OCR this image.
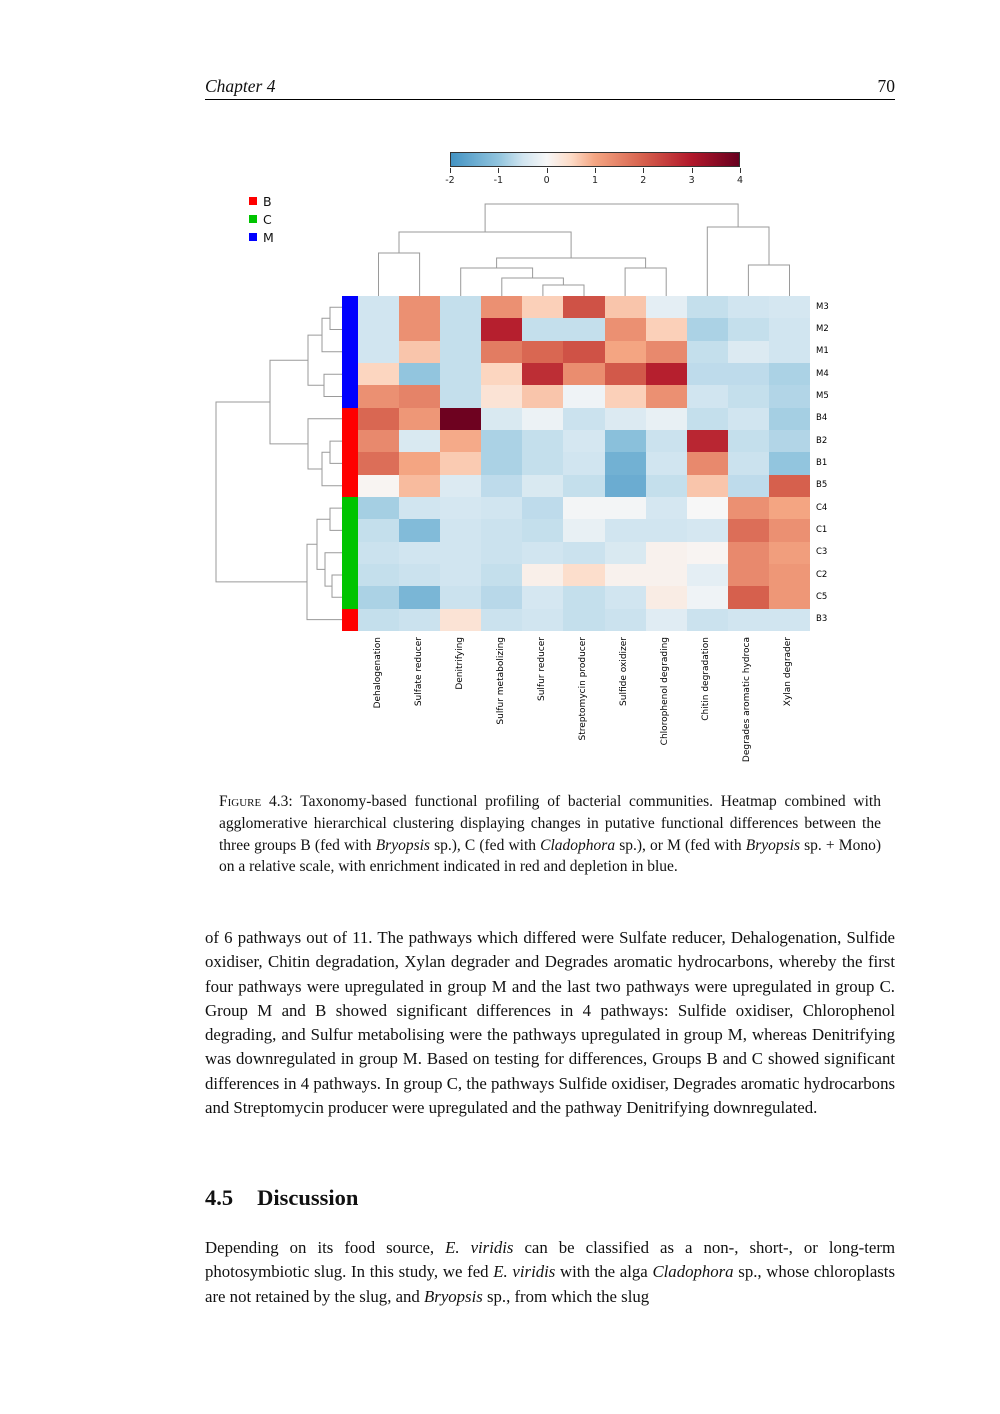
Chapter 4	70
-2	-1	0	1	2	3	4
B
C
M
M3
M2
M1
M4
M5
B4
B2
B1
B5
C4
C1
C3
C2
C5
B3
Dehalogenation	Sulfate reducer	Denitrifying	Sulfur metabolizing	Sulfur reducer	Streptomycin producer	Sulfide oxidizer	Chlorophenol degrading	Chitin degradation	Degrades aromatic hydroca	Xylan degrader
Figure 4.3: Taxonomy-based functional profiling of bacterial communities. Heatmap combined with agglomerative hierarchical clustering displaying changes in putative functional differences between the three groups B (fed with Bryopsis sp.), C (fed with Cladophora sp.), or M (fed with Bryopsis sp. + Mono) on a relative scale, with enrichment indicated in red and depletion in blue.
of 6 pathways out of 11. The pathways which differed were Sulfate reducer, Dehalogenation, Sulfide oxidiser, Chitin degradation, Xylan degrader and Degrades aromatic hydrocarbons, whereby the first four pathways were upregulated in group M and the last two pathways were upregulated in group C. Group M and B showed significant differences in 4 pathways: Sulfide oxidiser, Chlorophenol degrading, and Sulfur metabolising were the pathways upregulated in group M, whereas Denitrifying was downregulated in group M. Based on testing for differences, Groups B and C showed significant differences in 4 pathways. In group C, the pathways Sulfide oxidiser, Degrades aromatic hydrocarbons and Streptomycin producer were upregulated and the pathway Denitrifying downregulated.
4.5 Discussion
Depending on its food source, E. viridis can be classified as a non-, short-, or long-term photosymbiotic slug. In this study, we fed E. viridis with the alga Cladophora sp., whose chloroplasts are not retained by the slug, and Bryopsis sp., from which the slug
